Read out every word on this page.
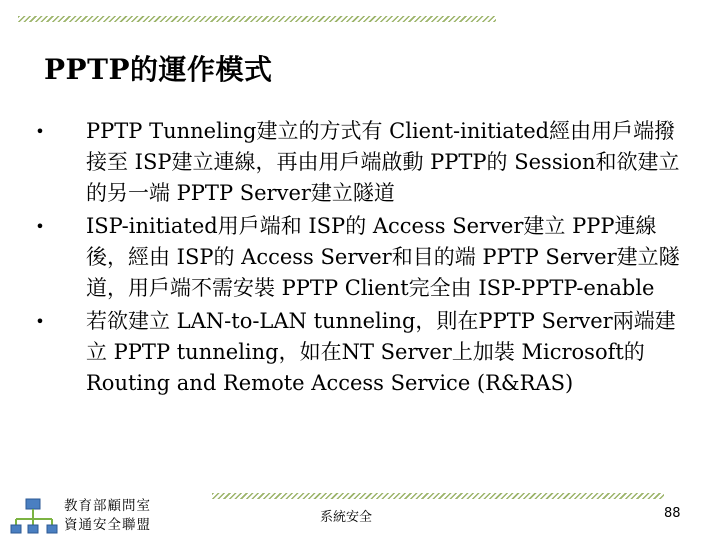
PPTP的運作模式
• PPTP Tunneling建立的方式有 Client-initiated經由用戶端撥接至 ISP建立連線，再由用戶端啟動 PPTP的 Session和欲建立的另一端 PPTP Server建立隧道
• ISP-initiated用戶端和 ISP的 Access Server建立 PPP連線後，經由 ISP的 Access Server和目的端 PPTP Server建立隧道，用戶端不需安裝 PPTP Client完全由 ISP-PPTP-enable
• 若欲建立 LAN-to-LAN tunneling，則在PPTP Server兩端建立 PPTP tunneling，如在NT Server上加裝 Microsoft的 Routing and Remote Access Service (R&RAS)
教育部顧問室
資通安全聯盟	系統安全	88
